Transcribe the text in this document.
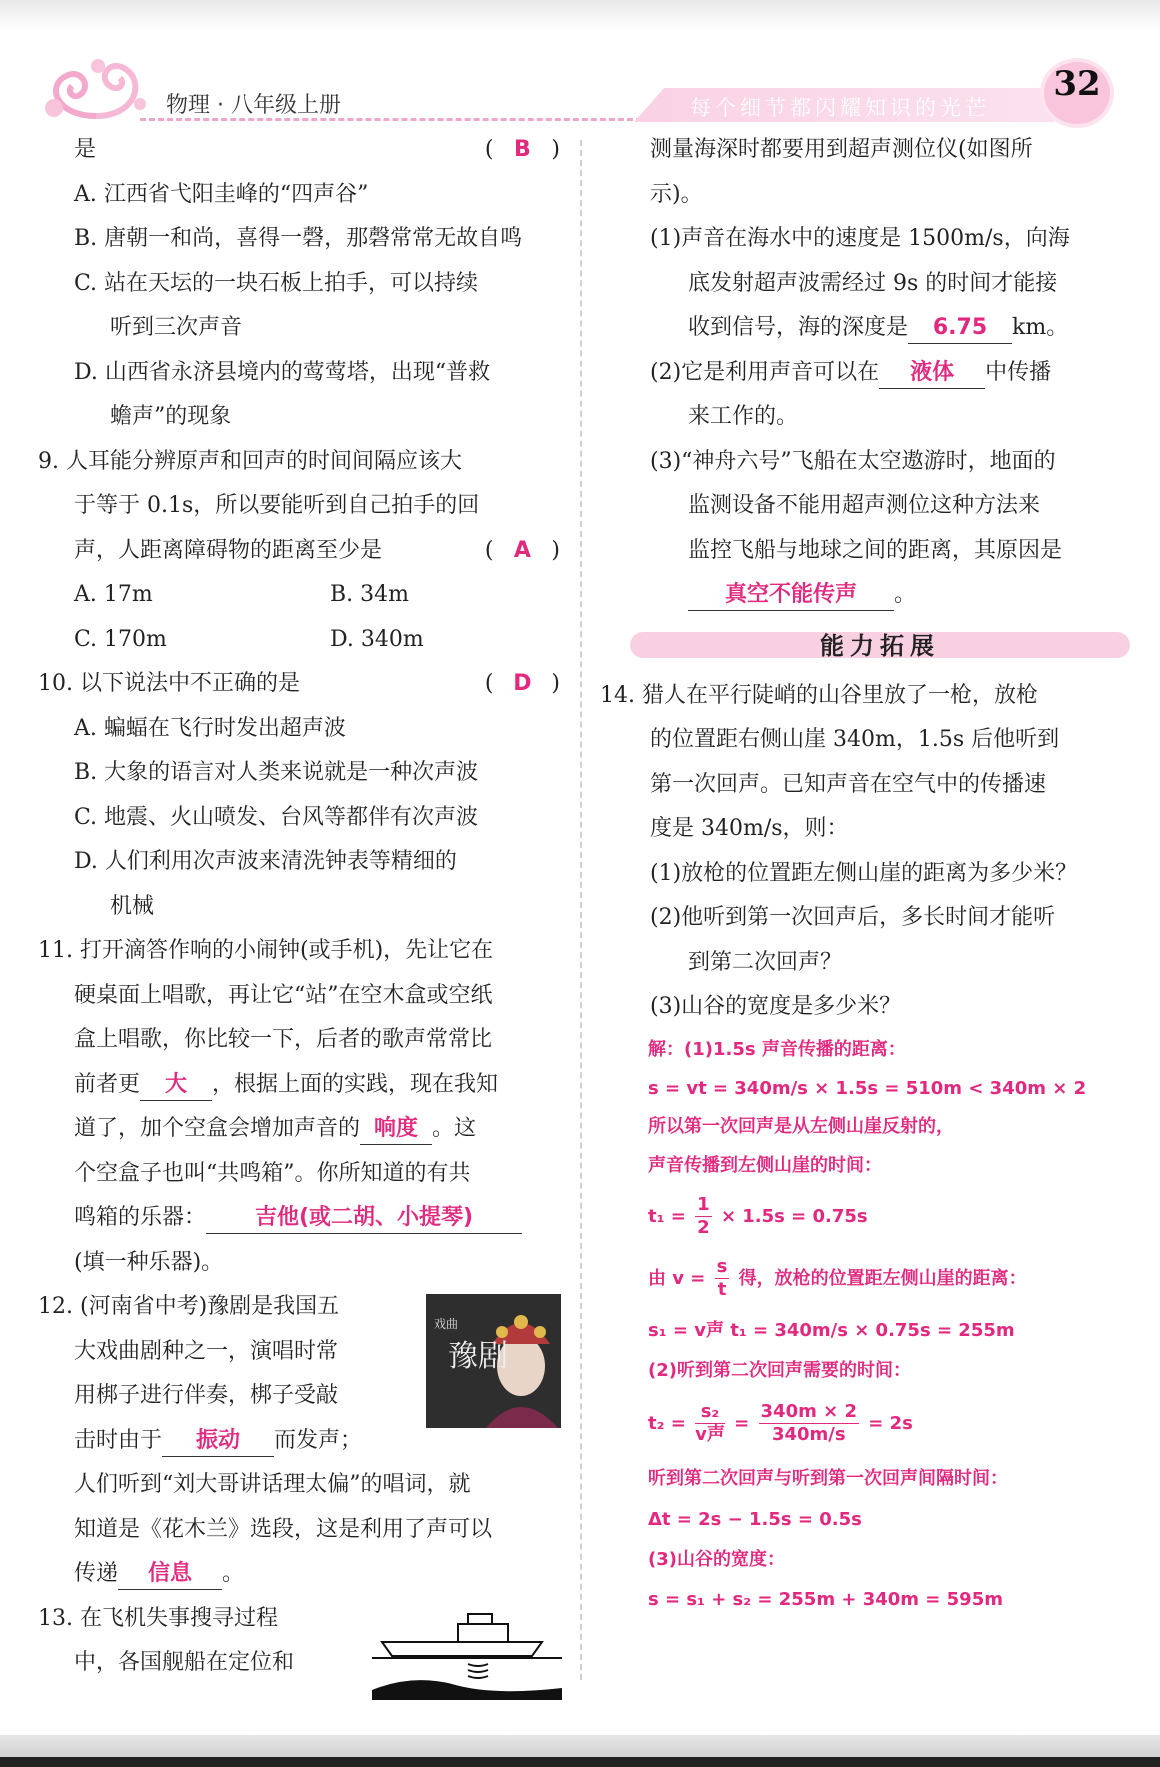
物理 · 八年级上册	每个细节都闪耀知识的光芒
32
是	( B )
A. 江西省弋阳圭峰的“四声谷”
B. 唐朝一和尚，喜得一磬，那磬常常无故自鸣
C. 站在天坛的一块石板上拍手，可以持续
听到三次声音
D. 山西省永济县境内的莺莺塔，出现“普救
蟾声”的现象
9. 人耳能分辨原声和回声的时间间隔应该大
于等于 0.1s，所以要能听到自己拍手的回
声，人距离障碍物的距离至少是	( A )
A. 17m	B. 34m
C. 170m	D. 340m
10. 以下说法中不正确的是	( D )
A. 蝙蝠在飞行时发出超声波
B. 大象的语言对人类来说就是一种次声波
C. 地震、火山喷发、台风等都伴有次声波
D. 人们利用次声波来清洗钟表等精细的
机械
11. 打开滴答作响的小闹钟(或手机)，先让它在
硬桌面上唱歌，再让它“站”在空木盒或空纸
盒上唱歌，你比较一下，后者的歌声常常比
前者更 大 ，根据上面的实践，现在我知
道了，加个空盒会增加声音的 响度 。这
个空盒子也叫“共鸣箱”。你所知道的有共
鸣箱的乐器： 吉他(或二胡、小提琴)
(填一种乐器)。
12. (河南省中考)豫剧是我国五
大戏曲剧种之一，演唱时常
用梆子进行伴奏，梆子受敲
击时由于 振动 而发声；
人们听到“刘大哥讲话理太偏”的唱词，就
知道是《花木兰》选段，这是利用了声可以
传递 信息 。
13. 在飞机失事搜寻过程
中，各国舰船在定位和
戏曲
豫剧
测量海深时都要用到超声测位仪(如图所
示)。
(1)声音在海水中的速度是 1500m/s，向海
底发射超声波需经过 9s 的时间才能接
收到信号，海的深度是 6.75 km。
(2)它是利用声音可以在 液体 中传播
来工作的。
(3)“神舟六号”飞船在太空遨游时，地面的
监测设备不能用超声测位这种方法来
监控飞船与地球之间的距离，其原因是
真空不能传声 。
能力拓展
14. 猎人在平行陡峭的山谷里放了一枪，放枪
的位置距右侧山崖 340m，1.5s 后他听到
第一次回声。已知声音在空气中的传播速
度是 340m/s，则：
(1)放枪的位置距左侧山崖的距离为多少米？
(2)他听到第一次回声后，多长时间才能听
到第二次回声？
(3)山谷的宽度是多少米？
解：(1)1.5s 声音传播的距离：
s = vt = 340m/s × 1.5s = 510m < 340m × 2
所以第一次回声是从左侧山崖反射的，
声音传播到左侧山崖的时间：
$t_1 = \frac{1}{2} \times 1.5s = 0.75s$
由 $v = \frac{s}{t}$ 得，放枪的位置距左侧山崖的距离：
s₁ = v声 t₁ = 340m/s × 0.75s = 255m
(2)听到第二次回声需要的时间：
$t_2 = \frac{\text{s₂}}{\text{v声}} = \frac{340m \times 2}{340m/s} = 2s$
听到第二次回声与听到第一次回声间隔时间：
Δt = 2s − 1.5s = 0.5s
(3)山谷的宽度：
s = s₁ + s₂ = 255m + 340m = 595m
